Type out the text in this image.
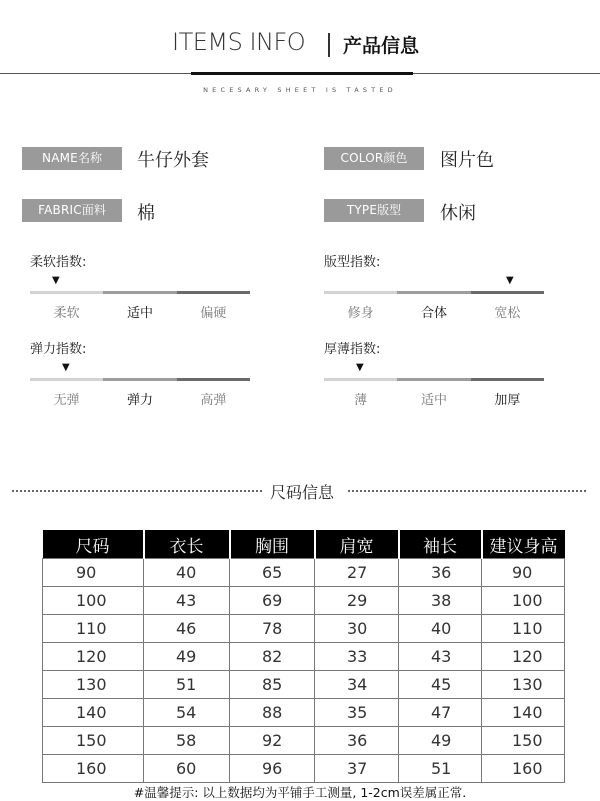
ITEMS INFO 产品信息
NECESARY SHEET IS TASTED
NAME名称	牛仔外套	COLOR颜色	图片色
FABRIC面料	棉	TYPE版型	休闲
柔软指数:
▼
柔软	适中	偏硬
版型指数:
▼
修身	合体	宽松
弹力指数:
▼
无弹	弹力	高弹
厚薄指数:
▼
薄	适中	加厚
尺码信息
尺码	衣长	胸围	肩宽	袖长	建议身高

90	40	65	27	36	90

100	43	69	29	38	100

110	46	78	30	40	110

120	49	82	33	43	120

130	51	85	34	45	130

140	54	88	35	47	140

150	58	92	36	49	150

160	60	96	37	51	160
#温馨提示: 以上数据均为平铺手工测量, 1-2cm误差属正常.
